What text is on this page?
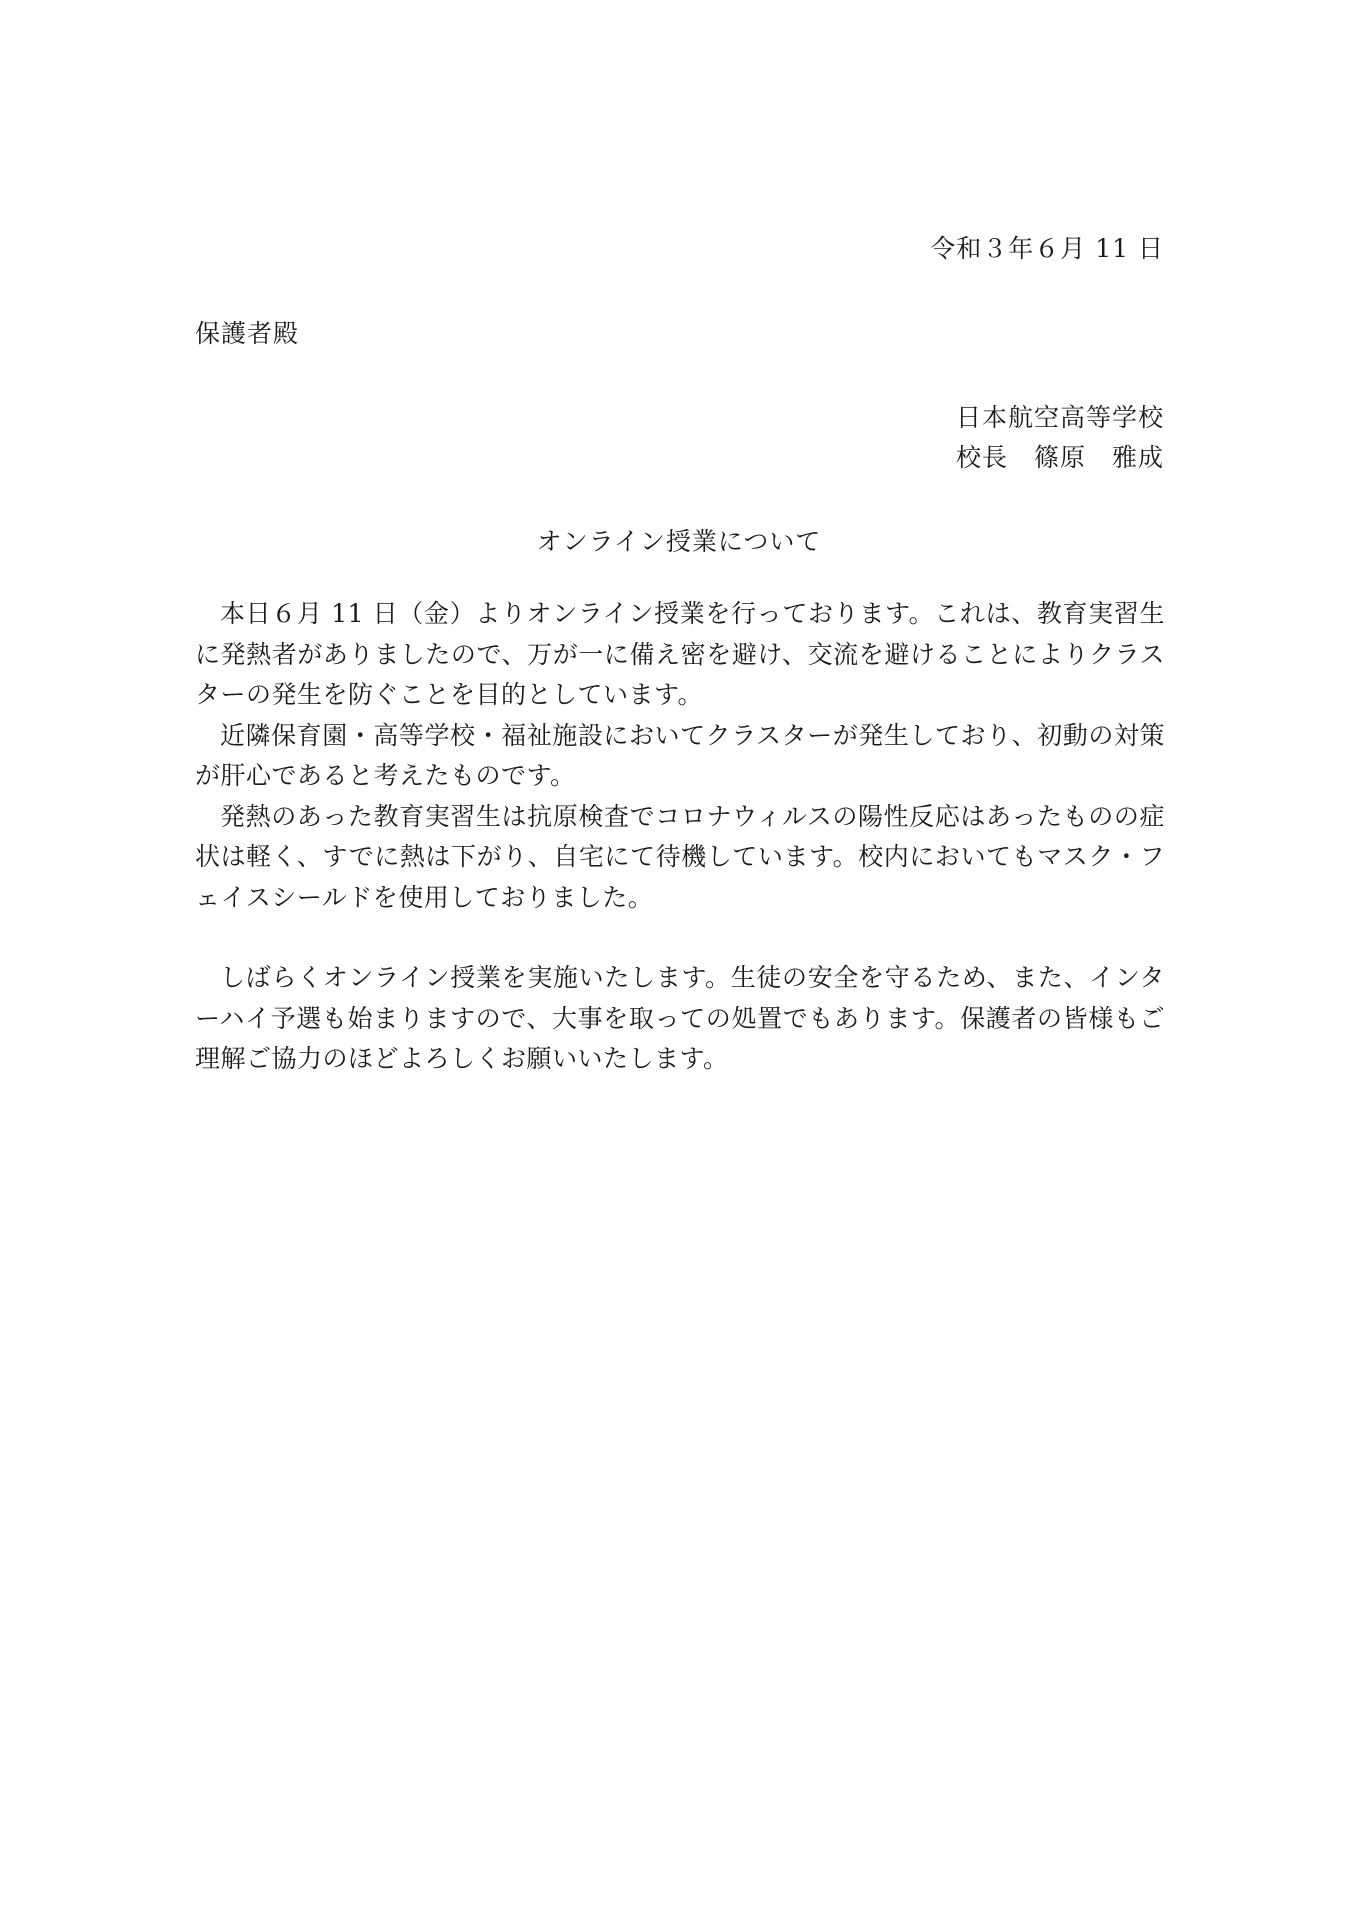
令和３年６月 11 日

保護者殿

日本航空高等学校

校長　篠原　雅成

オンライン授業について

本日６月 11 日（金）よりオンライン授業を行っております。これは、教育実習生に発熱者がありましたので、万が一に備え密を避け、交流を避けることによりクラスターの発生を防ぐことを目的としています。

近隣保育園・高等学校・福祉施設においてクラスターが発生しており、初動の対策が肝心であると考えたものです。

発熱のあった教育実習生は抗原検査でコロナウィルスの陽性反応はあったものの症状は軽く、すでに熱は下がり、自宅にて待機しています。校内においてもマスク・フェイスシールドを使用しておりました。

しばらくオンライン授業を実施いたします。生徒の安全を守るため、また、インターハイ予選も始まりますので、大事を取っての処置でもあります。保護者の皆様もご理解ご協力のほどよろしくお願いいたします。
